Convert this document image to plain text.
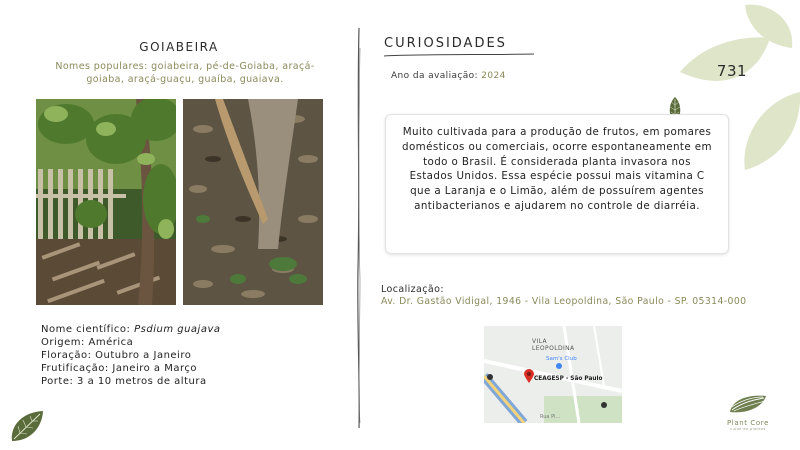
731
GOIABEIRA
Nomes populares: goiabeira, pé-de-Goiaba, araçá-goiaba, araçá-guaçu, guaíba, guaiava.
Nome científico: Psdium guajava
Origem: América
Floração: Outubro a Janeiro
Frutificação: Janeiro a Março
Porte: 3 a 10 metros de altura
CURIOSIDADES
Ano da avaliação: 2024
Muito cultivada para a produção de frutos, em pomares domésticos ou comerciais, ocorre espontaneamente em todo o Brasil. É considerada planta invasora nos Estados Unidos. Essa espécie possui mais vitamina C que a Laranja e o Limão, além de possuírem agentes antibacterianos e ajudarem no controle de diarréia.
Localização:
Av. Dr. Gastão Vidigal, 1946 - Vila Leopoldina, São Paulo - SP. 05314-000
VILA
LEOPOLDINA
Sam's Club
CEAGESP - São Paulo
Rua Pi...
Plant Core
cuide de plantas
